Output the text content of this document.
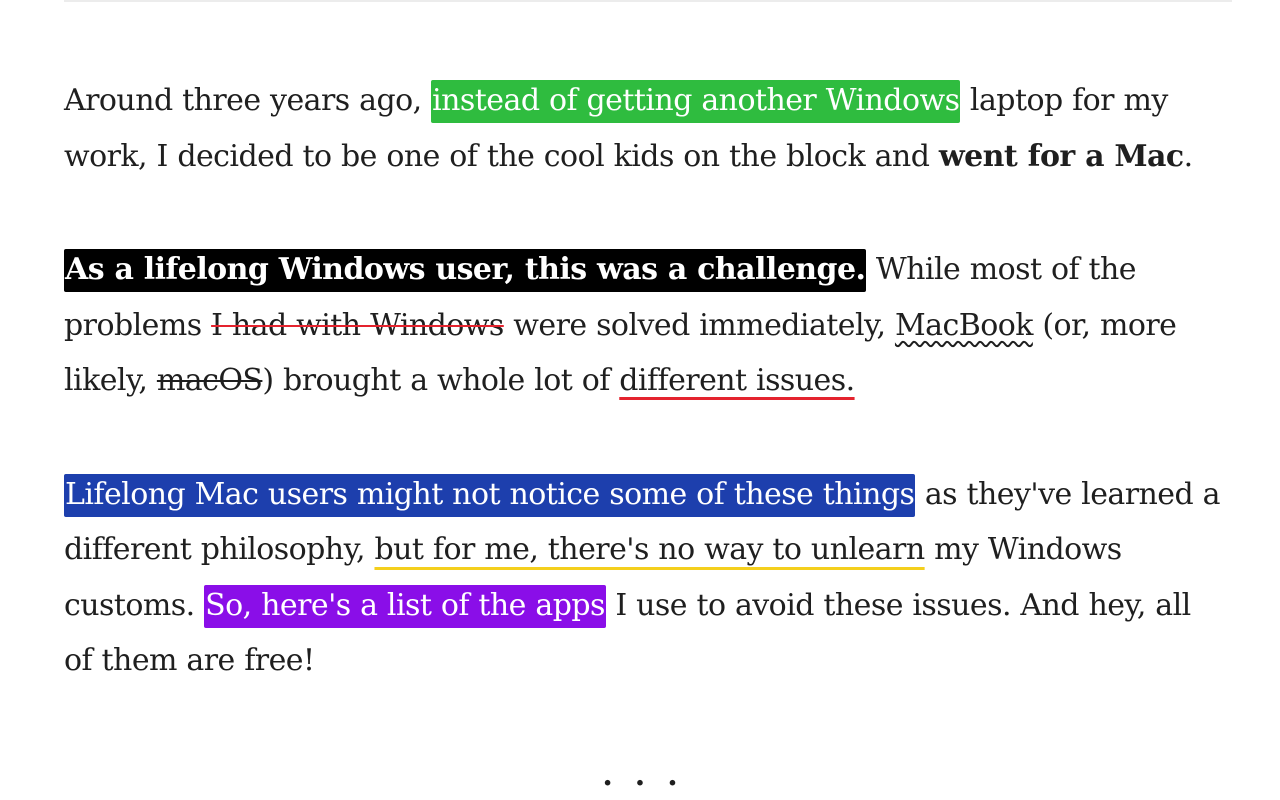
Around three years ago, instead of getting another Windows laptop for my work, I decided to be one of the cool kids on the block and went for a Mac.

As a lifelong Windows user, this was a challenge. While most of the problems I had with Windows were solved immediately, MacBook (or, more likely, macOS) brought a whole lot of different issues.

Lifelong Mac users might not notice some of these things as they've learned a different philosophy, but for me, there's no way to unlearn my Windows customs. So, here's a list of the apps I use to avoid these issues. And hey, all of them are free!

...
